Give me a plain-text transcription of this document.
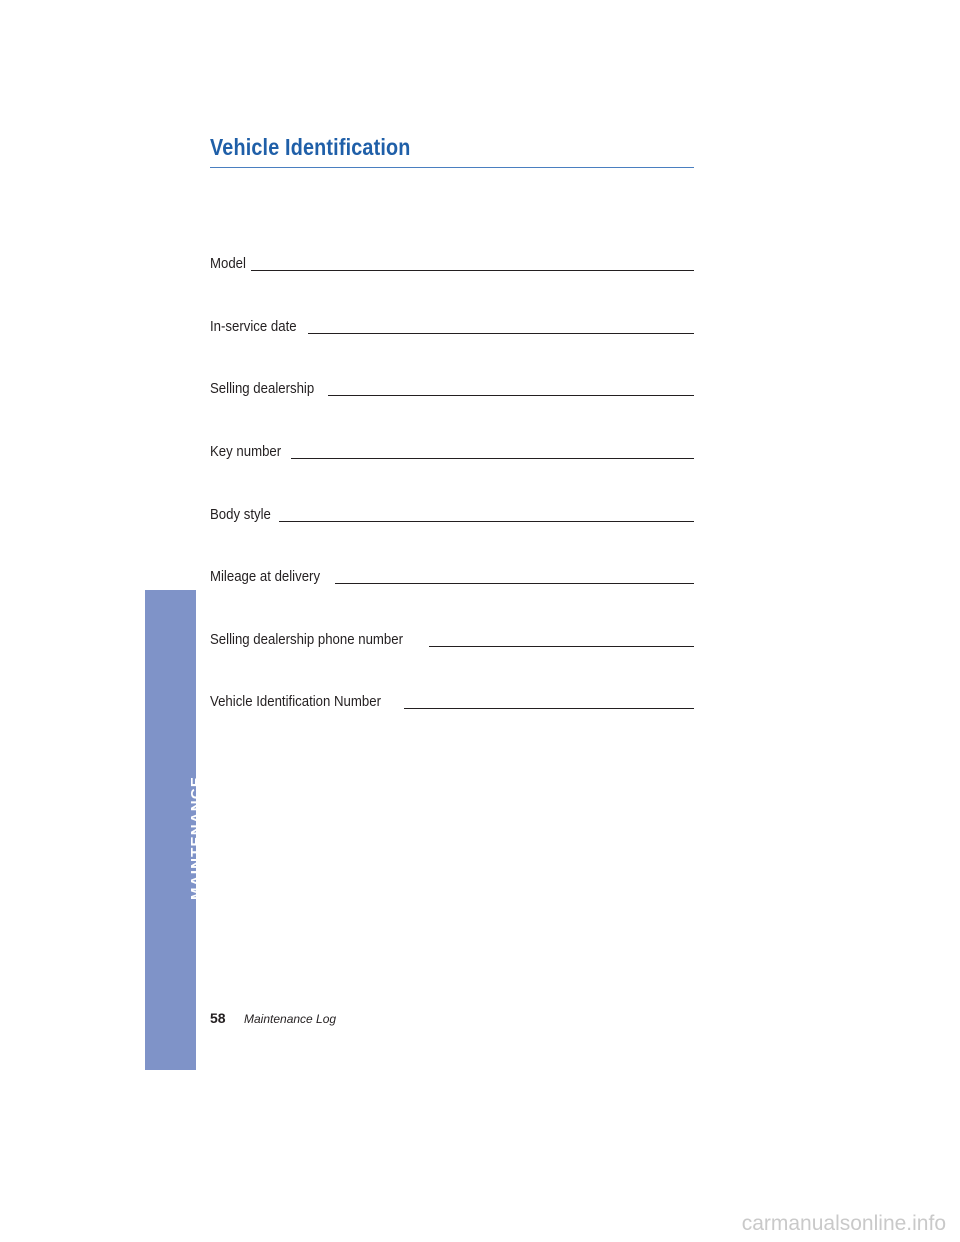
Vehicle Identification
Model
In-service date
Selling dealership
Key number
Body style
Mileage at delivery
Selling dealership phone number
Vehicle Identification Number
MAINTENANCE
58 Maintenance Log
carmanualsonline.info
